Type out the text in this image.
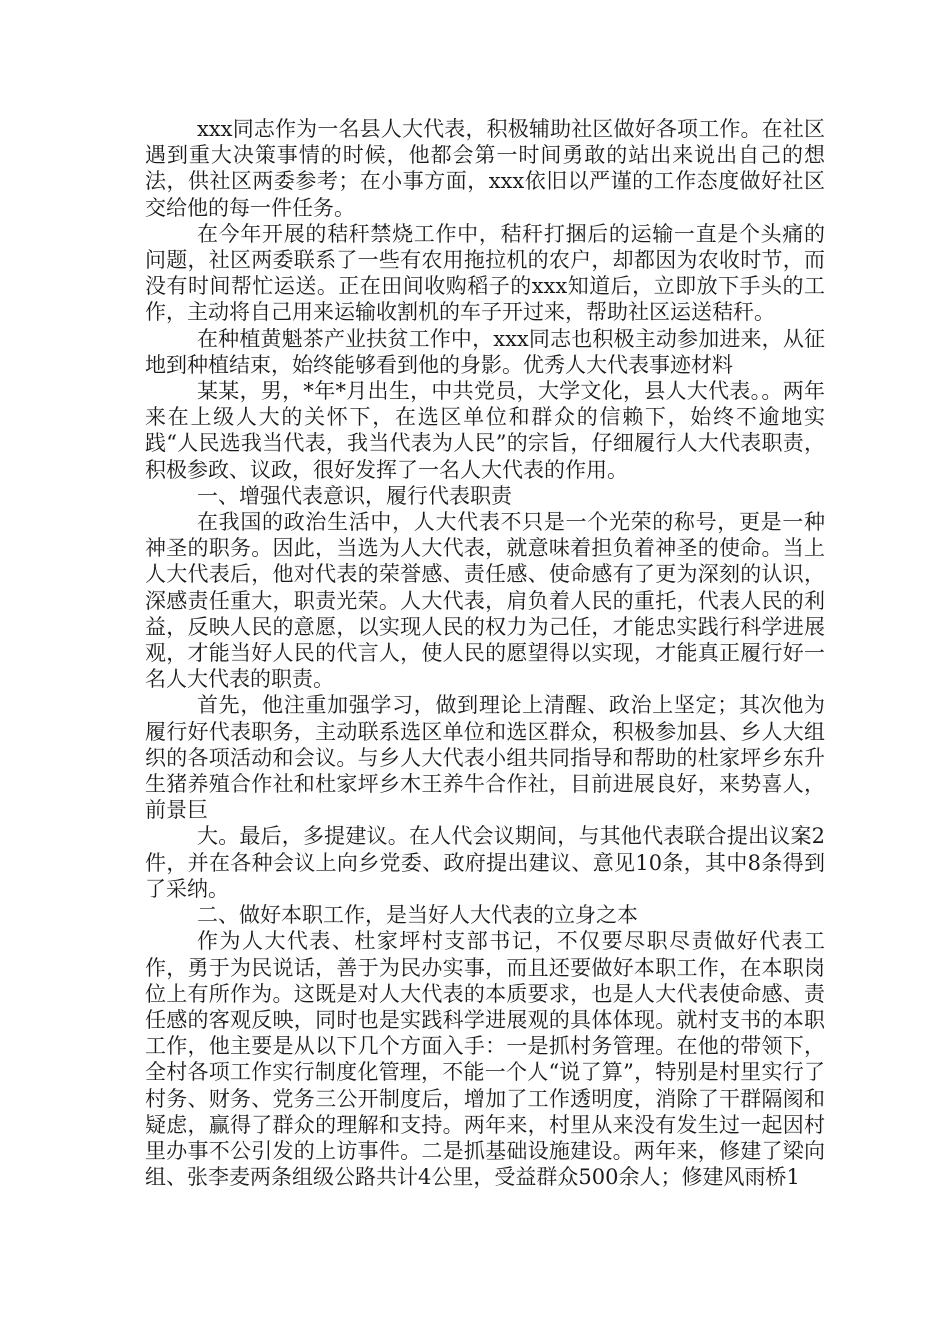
xxx同志作为一名县人大代表，积极辅助社区做好各项工作。在社区遇到重大决策事情的时候，他都会第一时间勇敢的站出来说出自己的想法，供社区两委参考；在小事方面，xxx依旧以严谨的工作态度做好社区交给他的每一件任务。

在今年开展的秸秆禁烧工作中，秸秆打捆后的运输一直是个头痛的问题，社区两委联系了一些有农用拖拉机的农户，却都因为农收时节，而没有时间帮忙运送。正在田间收购稻子的xxx知道后，立即放下手头的工作，主动将自己用来运输收割机的车子开过来，帮助社区运送秸秆。

在种植黄魁茶产业扶贫工作中，xxx同志也积极主动参加进来，从征地到种植结束，始终能够看到他的身影。优秀人大代表事迹材料

某某，男，*年*月出生，中共党员，大学文化，县人大代表。。两年来在上级人大的关怀下，在选区单位和群众的信赖下，始终不逾地实践“人民选我当代表，我当代表为人民”的宗旨，仔细履行人大代表职责，积极参政、议政，很好发挥了一名人大代表的作用。

一、增强代表意识，履行代表职责

在我国的政治生活中，人大代表不只是一个光荣的称号，更是一种神圣的职务。因此，当选为人大代表，就意味着担负着神圣的使命。当上人大代表后，他对代表的荣誉感、责任感、使命感有了更为深刻的认识，深感责任重大，职责光荣。人大代表，肩负着人民的重托，代表人民的利益，反映人民的意愿，以实现人民的权力为己任，才能忠实践行科学进展观，才能当好人民的代言人，使人民的愿望得以实现，才能真正履行好一名人大代表的职责。

首先，他注重加强学习，做到理论上清醒、政治上坚定；其次他为履行好代表职务，主动联系选区单位和选区群众，积极参加县、乡人大组织的各项活动和会议。与乡人大代表小组共同指导和帮助的杜家坪乡东升生猪养殖合作社和杜家坪乡木王养牛合作社，目前进展良好，来势喜人，前景巨

大。最后，多提建议。在人代会议期间，与其他代表联合提出议案2件，并在各种会议上向乡党委、政府提出建议、意见10条，其中8条得到了采纳。

二、做好本职工作，是当好人大代表的立身之本

作为人大代表、杜家坪村支部书记，不仅要尽职尽责做好代表工作，勇于为民说话，善于为民办实事，而且还要做好本职工作，在本职岗位上有所作为。这既是对人大代表的本质要求，也是人大代表使命感、责任感的客观反映，同时也是实践科学进展观的具体体现。就村支书的本职工作，他主要是从以下几个方面入手：一是抓村务管理。在他的带领下，全村各项工作实行制度化管理，不能一个人“说了算”，特别是村里实行了村务、财务、党务三公开制度后，增加了工作透明度，消除了干群隔阂和疑虑，赢得了群众的理解和支持。两年来，村里从来没有发生过一起因村里办事不公引发的上访事件。二是抓基础设施建设。两年来，修建了梁向组、张李麦两条组级公路共计4公里，受益群众500余人；修建风雨桥1
